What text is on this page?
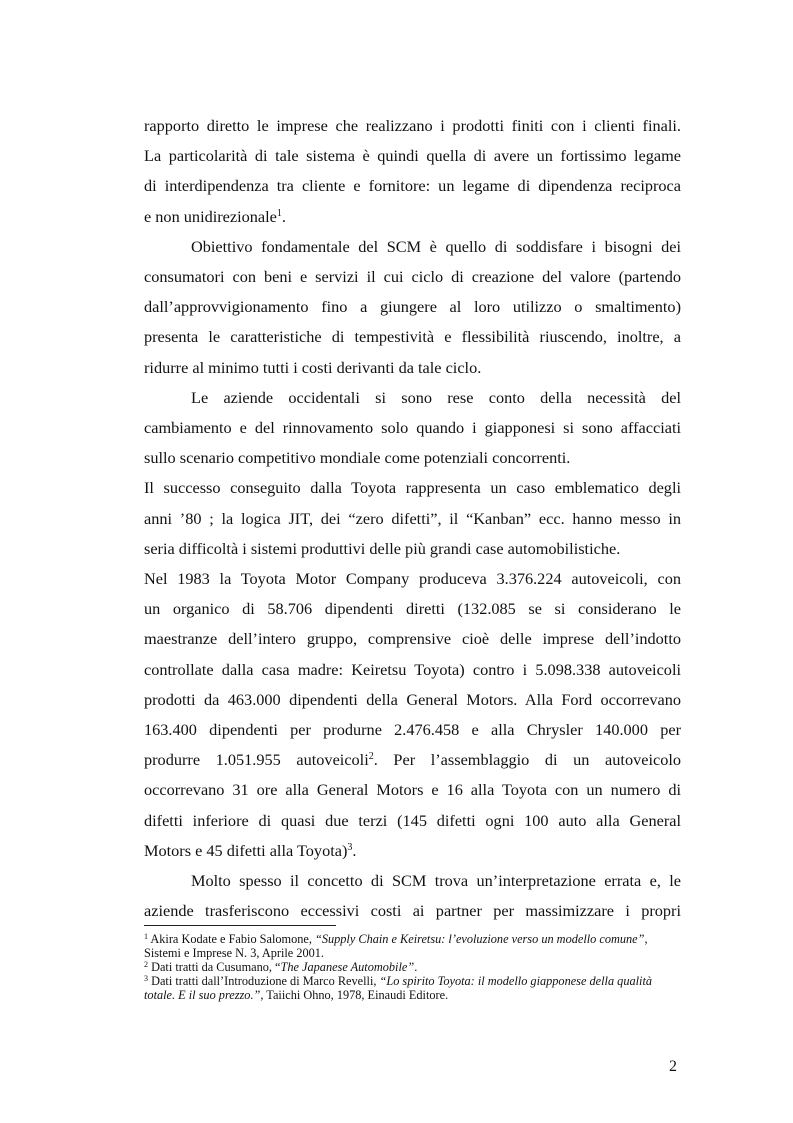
rapporto diretto le imprese che realizzano i prodotti finiti con i clienti finali.

La particolarità di tale sistema è quindi quella di avere un fortissimo legame

di interdipendenza tra cliente e fornitore: un legame di dipendenza reciproca

e non unidirezionale$^1$.

Obiettivo fondamentale del SCM è quello di soddisfare i bisogni dei

consumatori con beni e servizi il cui ciclo di creazione del valore (partendo

dall’approvvigionamento fino a giungere al loro utilizzo o smaltimento)

presenta le caratteristiche di tempestività e flessibilità riuscendo, inoltre, a

ridurre al minimo tutti i costi derivanti da tale ciclo.

Le aziende occidentali si sono rese conto della necessità del

cambiamento e del rinnovamento solo quando i giapponesi si sono affacciati

sullo scenario competitivo mondiale come potenziali concorrenti.

Il successo conseguito dalla Toyota rappresenta un caso emblematico degli

anni ’80 ; la logica JIT, dei “zero difetti”, il “Kanban” ecc. hanno messo in

seria difficoltà i sistemi produttivi delle più grandi case automobilistiche.

Nel 1983 la Toyota Motor Company produceva 3.376.224 autoveicoli, con

un organico di 58.706 dipendenti diretti (132.085 se si considerano le

maestranze dell’intero gruppo, comprensive cioè delle imprese dell’indotto

controllate dalla casa madre: Keiretsu Toyota) contro i 5.098.338 autoveicoli

prodotti da 463.000 dipendenti della General Motors. Alla Ford occorrevano

163.400 dipendenti per produrne 2.476.458 e alla Chrysler 140.000 per

produrre 1.051.955 autoveicoli$^2$. Per l’assemblaggio di un autoveicolo

occorrevano 31 ore alla General Motors e 16 alla Toyota con un numero di

difetti inferiore di quasi due terzi (145 difetti ogni 100 auto alla General

Motors e 45 difetti alla Toyota)$^3$.

Molto spesso il concetto di SCM trova un’interpretazione errata e, le

aziende trasferiscono eccessivi costi ai partner per massimizzare i propri

$^1$ Akira Kodate e Fabio Salomone, “Supply Chain e Keiretsu: l’evoluzione verso un modello comune”, Sistemi e Imprese N. 3, Aprile 2001.

$^2$ Dati tratti da Cusumano, “The Japanese Automobile”.

$^3$ Dati tratti dall’Introduzione di Marco Revelli, “Lo spirito Toyota: il modello giapponese della qualità totale. E il suo prezzo.”, Taiichi Ohno, 1978, Einaudi Editore.

2
